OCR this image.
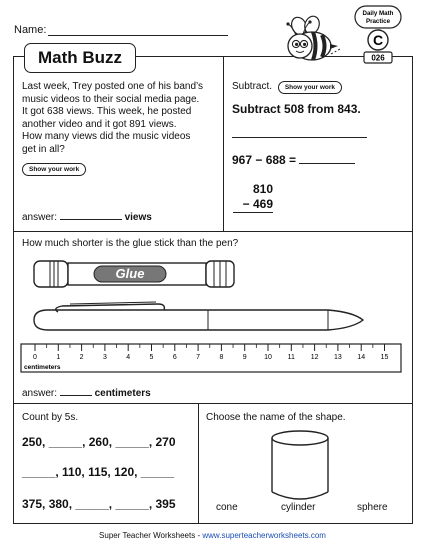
Name:
Math Buzz
Daily Math
Practice
C
026
Last week, Trey posted one of his band’s
music videos to their social media page.
It got 638 views. This week, he posted
another video and it got 891 views.
How many views did the music videos
get in all?
Show your work
answer:	views
Subtract. Show your work
Subtract 508 from 843.
967 − 688 =
810
− 469
How much shorter is the glue stick than the pen?
Glue
0	1	2	3	4	5	6	7	8	9 10 11 12 13 14 15
centimeters
answer:	centimeters
Count by 5s.
250, _____, 260, _____, 270
_____, 110, 115, 120, _____
375, 380, _____, _____, 395
Choose the name of the shape.
cone	cylinder	sphere
Super Teacher Worksheets - www.superteacherworksheets.com
